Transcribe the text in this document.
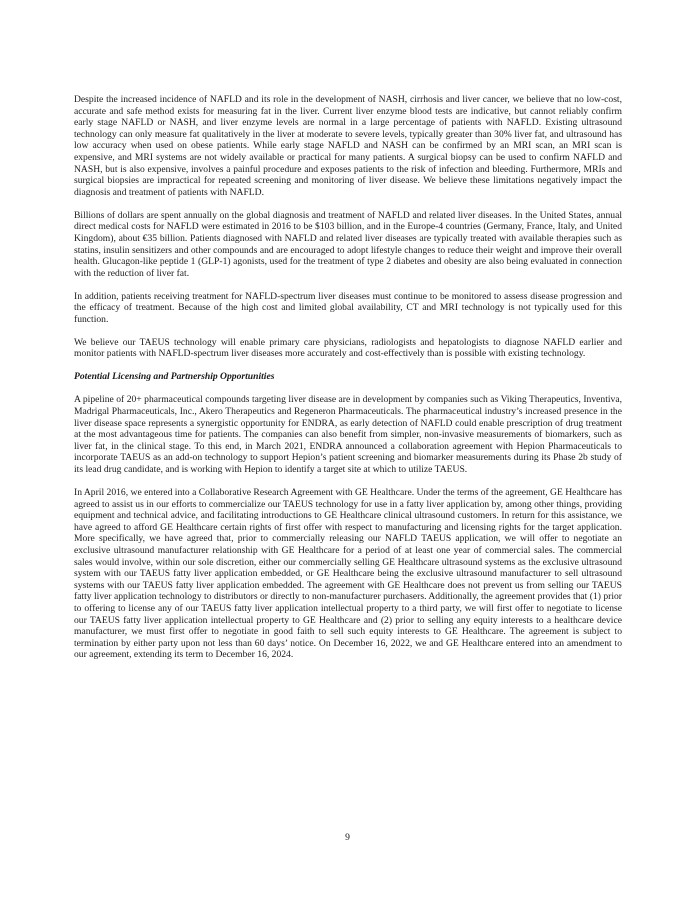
Despite the increased incidence of NAFLD and its role in the development of NASH, cirrhosis and liver cancer, we believe that no low-cost, accurate and safe method exists for measuring fat in the liver. Current liver enzyme blood tests are indicative, but cannot reliably confirm early stage NAFLD or NASH, and liver enzyme levels are normal in a large percentage of patients with NAFLD. Existing ultrasound technology can only measure fat qualitatively in the liver at moderate to severe levels, typically greater than 30% liver fat, and ultrasound has low accuracy when used on obese patients. While early stage NAFLD and NASH can be confirmed by an MRI scan, an MRI scan is expensive, and MRI systems are not widely available or practical for many patients. A surgical biopsy can be used to confirm NAFLD and NASH, but is also expensive, involves a painful procedure and exposes patients to the risk of infection and bleeding. Furthermore, MRIs and surgical biopsies are impractical for repeated screening and monitoring of liver disease. We believe these limitations negatively impact the diagnosis and treatment of patients with NAFLD.

Billions of dollars are spent annually on the global diagnosis and treatment of NAFLD and related liver diseases. In the United States, annual direct medical costs for NAFLD were estimated in 2016 to be $103 billion, and in the Europe-4 countries (Germany, France, Italy, and United Kingdom), about €35 billion. Patients diagnosed with NAFLD and related liver diseases are typically treated with available therapies such as statins, insulin sensitizers and other compounds and are encouraged to adopt lifestyle changes to reduce their weight and improve their overall health. Glucagon-like peptide 1 (GLP-1) agonists, used for the treatment of type 2 diabetes and obesity are also being evaluated in connection with the reduction of liver fat.

In addition, patients receiving treatment for NAFLD-spectrum liver diseases must continue to be monitored to assess disease progression and the efficacy of treatment. Because of the high cost and limited global availability, CT and MRI technology is not typically used for this function.

We believe our TAEUS technology will enable primary care physicians, radiologists and hepatologists to diagnose NAFLD earlier and monitor patients with NAFLD-spectrum liver diseases more accurately and cost-effectively than is possible with existing technology.

Potential Licensing and Partnership Opportunities

A pipeline of 20+ pharmaceutical compounds targeting liver disease are in development by companies such as Viking Therapeutics, Inventiva, Madrigal Pharmaceuticals, Inc., Akero Therapeutics and Regeneron Pharmaceuticals. The pharmaceutical industry’s increased presence in the liver disease space represents a synergistic opportunity for ENDRA, as early detection of NAFLD could enable prescription of drug treatment at the most advantageous time for patients. The companies can also benefit from simpler, non-invasive measurements of biomarkers, such as liver fat, in the clinical stage. To this end, in March 2021, ENDRA announced a collaboration agreement with Hepion Pharmaceuticals to incorporate TAEUS as an add-on technology to support Hepion’s patient screening and biomarker measurements during its Phase 2b study of its lead drug candidate, and is working with Hepion to identify a target site at which to utilize TAEUS.

In April 2016, we entered into a Collaborative Research Agreement with GE Healthcare. Under the terms of the agreement, GE Healthcare has agreed to assist us in our efforts to commercialize our TAEUS technology for use in a fatty liver application by, among other things, providing equipment and technical advice, and facilitating introductions to GE Healthcare clinical ultrasound customers. In return for this assistance, we have agreed to afford GE Healthcare certain rights of first offer with respect to manufacturing and licensing rights for the target application. More specifically, we have agreed that, prior to commercially releasing our NAFLD TAEUS application, we will offer to negotiate an exclusive ultrasound manufacturer relationship with GE Healthcare for a period of at least one year of commercial sales. The commercial sales would involve, within our sole discretion, either our commercially selling GE Healthcare ultrasound systems as the exclusive ultrasound system with our TAEUS fatty liver application embedded, or GE Healthcare being the exclusive ultrasound manufacturer to sell ultrasound systems with our TAEUS fatty liver application embedded. The agreement with GE Healthcare does not prevent us from selling our TAEUS fatty liver application technology to distributors or directly to non-manufacturer purchasers. Additionally, the agreement provides that (1) prior to offering to license any of our TAEUS fatty liver application intellectual property to a third party, we will first offer to negotiate to license our TAEUS fatty liver application intellectual property to GE Healthcare and (2) prior to selling any equity interests to a healthcare device manufacturer, we must first offer to negotiate in good faith to sell such equity interests to GE Healthcare. The agreement is subject to termination by either party upon not less than 60 days’ notice. On December 16, 2022, we and GE Healthcare entered into an amendment to our agreement, extending its term to December 16, 2024.

9
